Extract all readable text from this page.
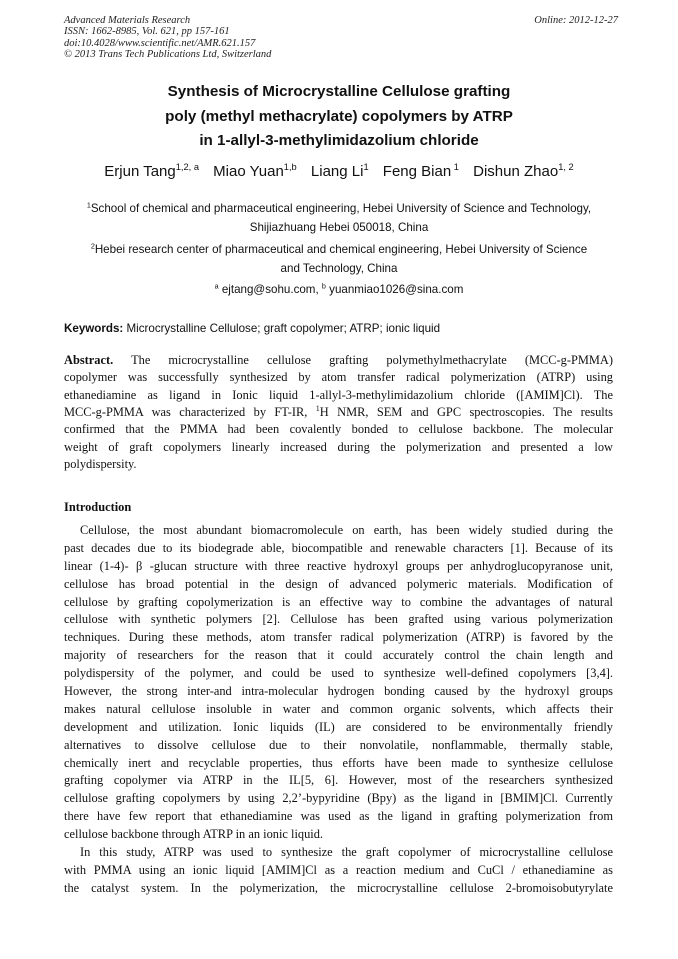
Advanced Materials Research
ISSN: 1662-8985, Vol. 621, pp 157-161
doi:10.4028/www.scientific.net/AMR.621.157
© 2013 Trans Tech Publications Ltd, Switzerland
Online: 2012-12-27
Synthesis of Microcrystalline Cellulose grafting
poly (methyl methacrylate) copolymers by ATRP
in 1-allyl-3-methylimidazolium chloride
Erjun Tang$^{1,2, a}$ Miao Yuan$^{1,b}$ Liang Li$^1$ Feng Bian $^1$ Dishun Zhao$^{1, 2}$
$^1$School of chemical and pharmaceutical engineering, Hebei University of Science and Technology,
Shijiazhuang Hebei 050018, China
$^2$Hebei research center of pharmaceutical and chemical engineering, Hebei University of Science
and Technology, China
$^a$ ejtang@sohu.com, $^b$ yuanmiao1026@sina.com
Keywords: Microcrystalline Cellulose; graft copolymer; ATRP; ionic liquid
Abstract. The microcrystalline cellulose grafting polymethylmethacrylate (MCC-g-PMMA)
copolymer was successfully synthesized by atom transfer radical polymerization (ATRP) using
ethanediamine as ligand in Ionic liquid 1-allyl-3-methylimidazolium chloride ([AMIM]Cl). The
MCC-g-PMMA was characterized by FT-IR, $^1$H NMR, SEM and GPC spectroscopies. The results
confirmed that the PMMA had been covalently bonded to cellulose backbone. The molecular
weight of graft copolymers linearly increased during the polymerization and presented a low
polydispersity.
Introduction
Cellulose, the most abundant biomacromolecule on earth, has been widely studied during the
past decades due to its biodegrade able, biocompatible and renewable characters [1]. Because of its
linear (1-4)- β -glucan structure with three reactive hydroxyl groups per anhydroglucopyranose unit,
cellulose has broad potential in the design of advanced polymeric materials. Modification of
cellulose by grafting copolymerization is an effective way to combine the advantages of natural
cellulose with synthetic polymers [2]. Cellulose has been grafted using various polymerization
techniques. During these methods, atom transfer radical polymerization (ATRP) is favored by the
majority of researchers for the reason that it could accurately control the chain length and
polydispersity of the polymer, and could be used to synthesize well-defined copolymers [3,4].
However, the strong inter-and intra-molecular hydrogen bonding caused by the hydroxyl groups
makes natural cellulose insoluble in water and common organic solvents, which affects their
development and utilization. Ionic liquids (IL) are considered to be environmentally friendly
alternatives to dissolve cellulose due to their nonvolatile, nonflammable, thermally stable,
chemically inert and recyclable properties, thus efforts have been made to synthesize cellulose
grafting copolymer via ATRP in the IL[5, 6]. However, most of the researchers synthesized
cellulose grafting copolymers by using 2,2’-bypyridine (Bpy) as the ligand in [BMIM]Cl. Currently
there have few report that ethanediamine was used as the ligand in grafting polymerization from
cellulose backbone through ATRP in an ionic liquid.
In this study, ATRP was used to synthesize the graft copolymer of microcrystalline cellulose
with PMMA using an ionic liquid [AMIM]Cl as a reaction medium and CuCl / ethanediamine as
the catalyst system. In the polymerization, the microcrystalline cellulose 2-bromoisobutyrylate
